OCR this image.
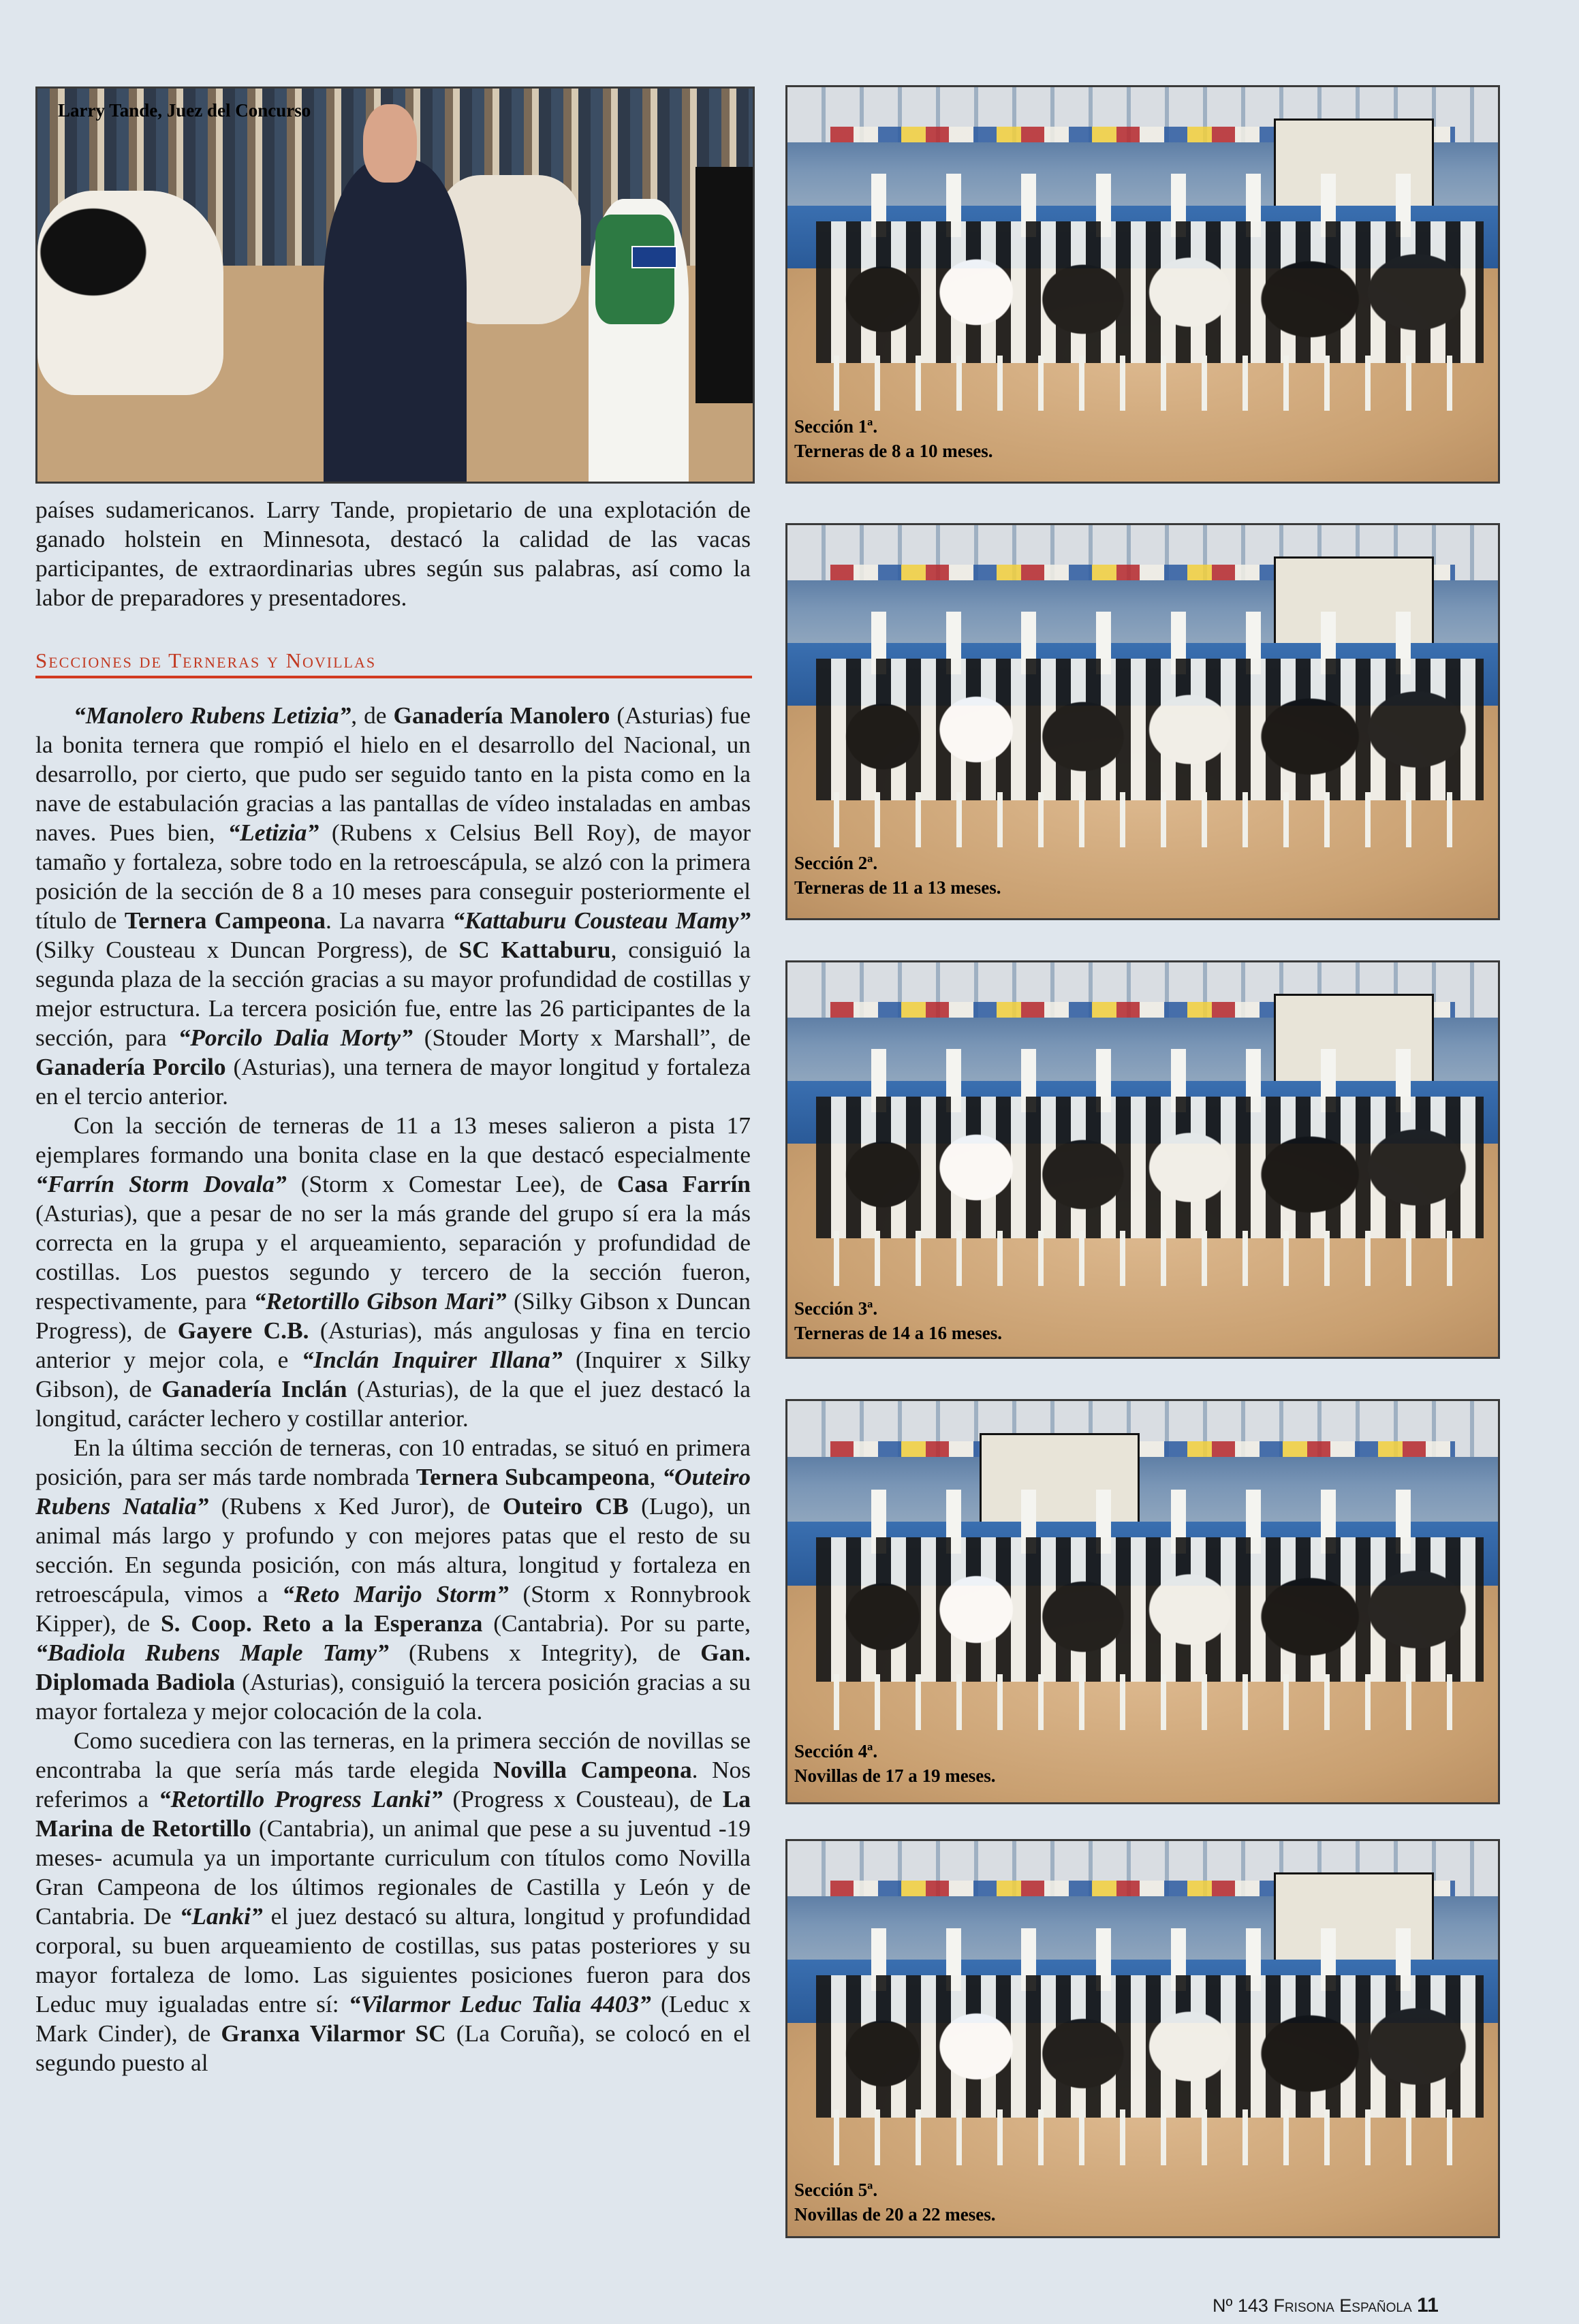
Larry Tande, Juez del Concurso
Sección 1ª.
Terneras de 8 a 10 meses.
Sección 2ª.
Terneras de 11 a 13 meses.
Sección 3ª.
Terneras de 14 a 16 meses.
Sección 4ª.
Novillas de 17 a 19 meses.
Sección 5ª.
Novillas de 20 a 22 meses.

países sudamericanos. Larry Tande, propietario de una explotación de ganado holstein en Minnesota, destacó la calidad de las vacas participantes, de extraordinarias ubres según sus palabras, así como la labor de preparadores y presentadores.

Secciones de Terneras y Novillas

“Manolero Rubens Letizia”, de Ganadería Manolero (Asturias) fue la bonita ternera que rompió el hielo en el desarrollo del Nacional, un desarrollo, por cierto, que pudo ser seguido tanto en la pista como en la nave de estabulación gracias a las pantallas de vídeo instaladas en ambas naves. Pues bien, “Letizia” (Rubens x Celsius Bell Roy), de mayor tamaño y fortaleza, sobre todo en la retroescápula, se alzó con la primera posición de la sección de 8 a 10 meses para conseguir posteriormente el título de Ternera Campeona. La navarra “Kattaburu Cousteau Mamy” (Silky Cousteau x Duncan Porgress), de SC Kattaburu, consiguió la segunda plaza de la sección gracias a su mayor profundidad de costillas y mejor estructura. La tercera posición fue, entre las 26 participantes de la sección, para “Porcilo Dalia Morty” (Stouder Morty x Marshall”, de Ganadería Porcilo (Asturias), una ternera de mayor longitud y fortaleza en el tercio anterior.

Con la sección de terneras de 11 a 13 meses salieron a pista 17 ejemplares formando una bonita clase en la que destacó especialmente “Farrín Storm Dovala” (Storm x Comestar Lee), de Casa Farrín (Asturias), que a pesar de no ser la más grande del grupo sí era la más correcta en la grupa y el arqueamiento, separación y profundidad de costillas. Los puestos segundo y tercero de la sección fueron, respectivamente, para “Retortillo Gibson Mari” (Silky Gibson x Duncan Progress), de Gayere C.B. (Asturias), más angulosas y fina en tercio anterior y mejor cola, e “Inclán Inquirer Illana” (Inquirer x Silky Gibson), de Ganadería Inclán (Asturias), de la que el juez destacó la longitud, carácter lechero y costillar anterior.

En la última sección de terneras, con 10 entradas, se situó en primera posición, para ser más tarde nombrada Ternera Subcampeona, “Outeiro Rubens Natalia” (Rubens x Ked Juror), de Outeiro CB (Lugo), un animal más largo y profundo y con mejores patas que el resto de su sección. En segunda posición, con más altura, longitud y fortaleza en retroescápula, vimos a “Reto Marijo Storm” (Storm x Ronnybrook Kipper), de S. Coop. Reto a la Esperanza (Cantabria). Por su parte, “Badiola Rubens Maple Tamy” (Rubens x Integrity), de Gan. Diplomada Badiola (Asturias), consiguió la tercera posición gracias a su mayor fortaleza y mejor colocación de la cola.

Como sucediera con las terneras, en la primera sección de novillas se encontraba la que sería más tarde elegida Novilla Campeona. Nos referimos a “Retortillo Progress Lanki” (Progress x Cousteau), de La Marina de Retortillo (Cantabria), un animal que pese a su juventud -19 meses- acumula ya un importante curriculum con títulos como Novilla Gran Campeona de los últimos regionales de Castilla y León y de Cantabria. De “Lanki” el juez destacó su altura, longitud y profundidad corporal, su buen arqueamiento de costillas, sus patas posteriores y su mayor fortaleza de lomo. Las siguientes posiciones fueron para dos Leduc muy igualadas entre sí: “Vilarmor Leduc Talia 4403” (Leduc x Mark Cinder), de Granxa Vilarmor SC (La Coruña), se colocó en el segundo puesto al

Nº 143 Frisona Española 11
